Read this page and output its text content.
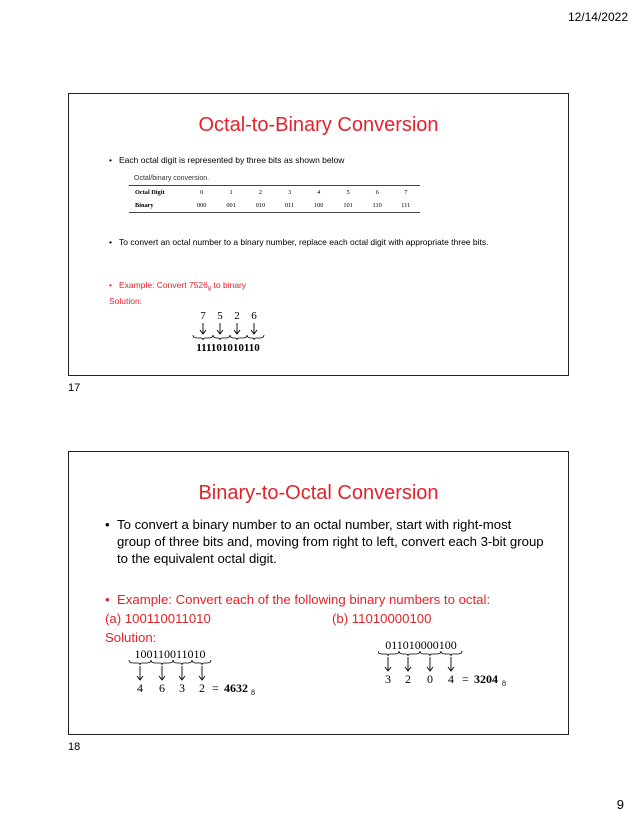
12/14/2022
Octal-to-Binary Conversion
• Each octal digit is represented by three bits as shown below
Octal/binary conversion.
Octal Digit	0	1	2	3	4	5	6	7
Binary	000	001	010	011	100	101	110	111
• To convert an octal number to a binary number, replace each octal digit with appropriate three bits.
• Example: Convert $7526_8$ to binary
Solution:
7 5 2 6
111101010110
17
Binary-to-Octal Conversion
• To convert a binary number to an octal number, start with right-most group of three bits and, moving from right to left, convert each 3-bit group to the equivalent octal digit.
• Example: Convert each of the following binary numbers to octal:
(a) 100110011010	(b) 11010000100
Solution:
100110011010
4 6 3 2 = 4632 8
011010000100
3 2 0 4 = 3204 8
18
9
